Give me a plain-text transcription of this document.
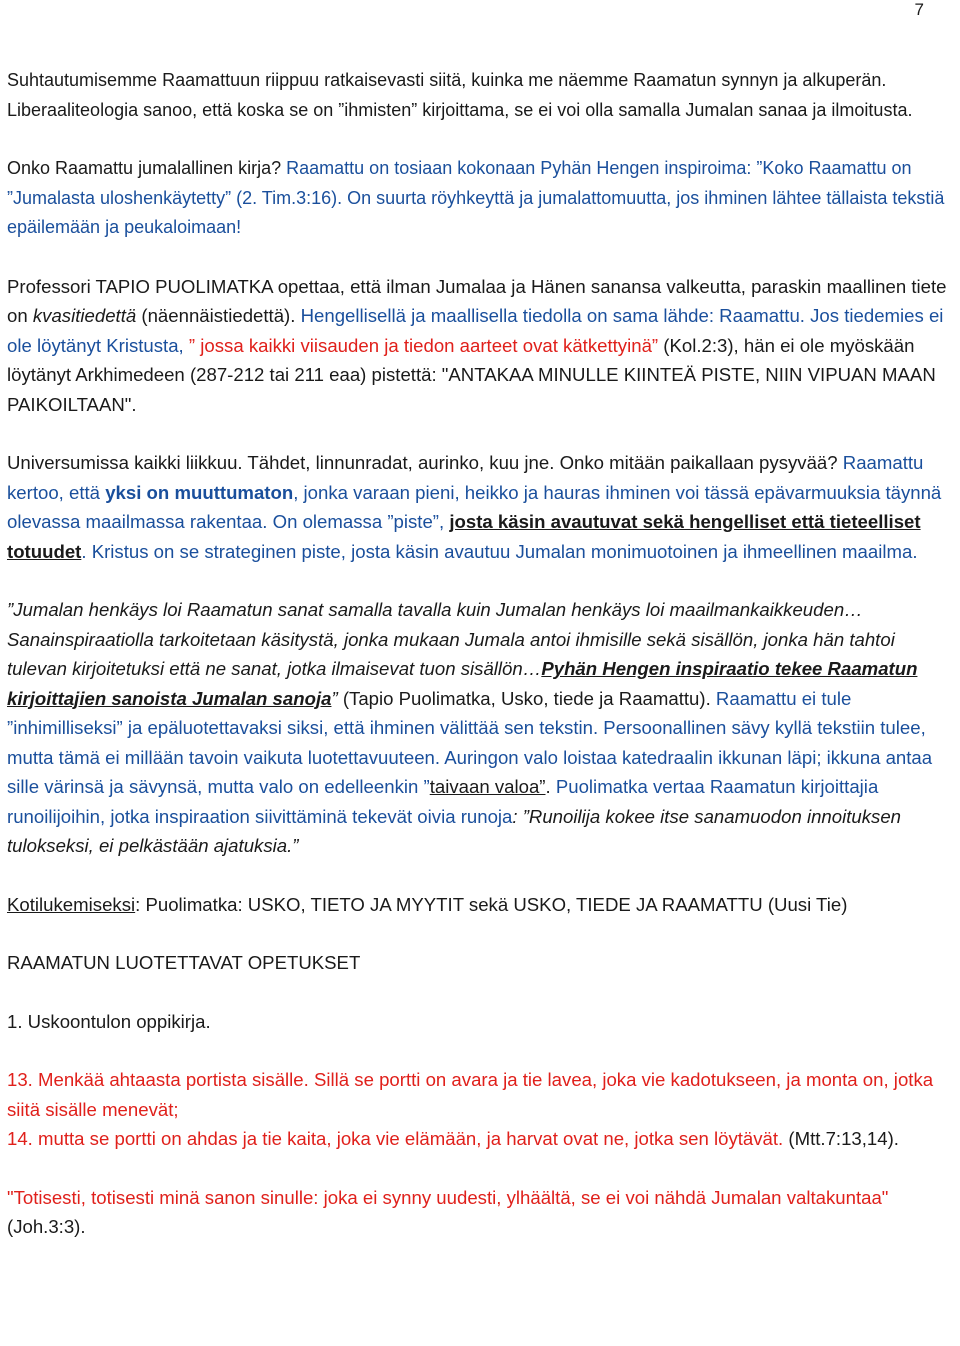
7

Suhtautumisemme Raamattuun riippuu ratkaisevasti siitä, kuinka me näemme Raamatun synnyn ja alkuperän. Liberaaliteologia sanoo, että koska se on ”ihmisten” kirjoittama, se ei voi olla samalla Jumalan sanaa ja ilmoitusta.

Onko Raamattu jumalallinen kirja? Raamattu on tosiaan kokonaan Pyhän Hengen inspiroima: ”Koko Raamattu on ”Jumalasta uloshenkäytetty” (2. Tim.3:16). On suurta röyhkeyttä ja jumalattomuutta, jos ihminen lähtee tällaista tekstiä epäilemään ja peukaloimaan!

Professori TAPIO PUOLIMATKA opettaa, että ilman Jumalaa ja Hänen sanansa valkeutta, paraskin maallinen tiete on kvasitiedettä (näennäistiedettä). Hengellisellä ja maallisella tiedolla on sama lähde: Raamattu. Jos tiedemies ei ole löytänyt Kristusta, ” jossa kaikki viisauden ja tiedon aarteet ovat kätkettyinä” (Kol.2:3), hän ei ole myöskään löytänyt Arkhimedeen (287-212 tai 211 eaa) pistettä: "ANTAKAA MINULLE KIINTEÄ PISTE, NIIN VIPUAN MAAN PAIKOILTAAN".

Universumissa kaikki liikkuu. Tähdet, linnunradat, aurinko, kuu jne. Onko mitään paikallaan pysyvää? Raamattu kertoo, että yksi on muuttumaton, jonka varaan pieni, heikko ja hauras ihminen voi tässä epävarmuuksia täynnä olevassa maailmassa rakentaa. On olemassa ”piste”, josta käsin avautuvat sekä hengelliset että tieteelliset totuudet. Kristus on se strateginen piste, josta käsin avautuu Jumalan monimuotoinen ja ihmeellinen maailma.

”Jumalan henkäys loi Raamatun sanat samalla tavalla kuin Jumalan henkäys loi maailmankaikkeuden… Sanainspiraatiolla tarkoitetaan käsitystä, jonka mukaan Jumala antoi ihmisille sekä sisällön, jonka hän tahtoi tulevan kirjoitetuksi että ne sanat, jotka ilmaisevat tuon sisällön…Pyhän Hengen inspiraatio tekee Raamatun kirjoittajien sanoista Jumalan sanoja” (Tapio Puolimatka, Usko, tiede ja Raamattu). Raamattu ei tule ”inhimilliseksi” ja epäluotettavaksi siksi, että ihminen välittää sen tekstin. Persoonallinen sävy kyllä tekstiin tulee, mutta tämä ei millään tavoin vaikuta luotettavuuteen. Auringon valo loistaa katedraalin ikkunan läpi; ikkuna antaa sille värinsä ja sävynsä, mutta valo on edelleenkin ”taivaan valoa”. Puolimatka vertaa Raamatun kirjoittajia runoilijoihin, jotka inspiraation siivittäminä tekevät oivia runoja: ”Runoilija kokee itse sanamuodon innoituksen tulokseksi, ei pelkästään ajatuksia.”

Kotilukemiseksi: Puolimatka: USKO, TIETO JA MYYTIT sekä USKO, TIEDE JA RAAMATTU (Uusi Tie)

RAAMATUN LUOTETTAVAT OPETUKSET

1. Uskoontulon oppikirja.

13. Menkää ahtaasta portista sisälle. Sillä se portti on avara ja tie lavea, joka vie kadotukseen, ja monta on, jotka siitä sisälle menevät;

14. mutta se portti on ahdas ja tie kaita, joka vie elämään, ja harvat ovat ne, jotka sen löytävät. (Mtt.7:13,14).

"Totisesti, totisesti minä sanon sinulle: joka ei synny uudesti, ylhäältä, se ei voi nähdä Jumalan valtakuntaa" (Joh.3:3).
